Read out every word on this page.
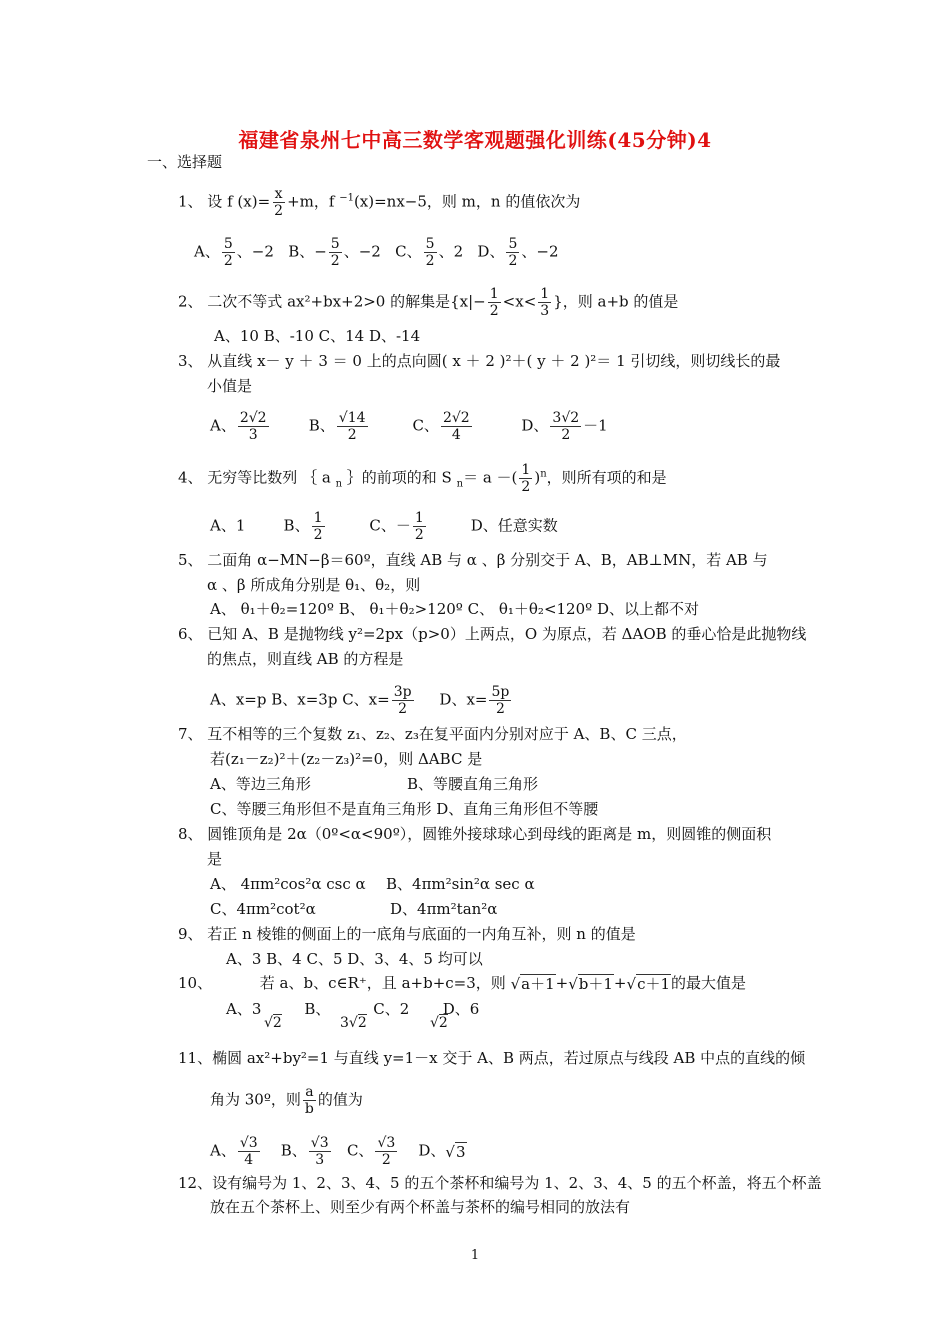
福建省泉州七中高三数学客观题强化训练(45分钟)4
一、选择题
1、 设 f $(x)= \frac{x}{2} +m$，f $^{-1}$(x)=nx−5，则 m，n 的值依次为
A、 $\frac{5}{2}$ 、−2 B、− $\frac{5}{2}$ 、−2 C、 $\frac{5}{2}$ 、2 D、 $\frac{5}{2}$ 、−2
2、 二次不等式 ax²+bx+2>0 的解集是{$x|- \frac{1}{2} <x< \frac{1}{3}$ }，则 a+b 的值是
A、10 B、-10 C、14 D、-14
3、 从直线 x－ y ＋ 3 ＝ 0 上的点向圆( x ＋ 2 )²＋( y ＋ 2 )²＝ 1 引切线，则切线长的最
小值是
A、 $\frac{2√2}{3}$	B、 $\frac{√14}{2}$	C、 $\frac{2√2}{4}$	D、 $\frac{3√2}{2} -1$
4、 无穷等比数列 ｛ a $_n$ ｝的前项的和 S $_n$＝ a －( $\frac{1}{2} )^n$，则所有项的和是
A、1	B、 $\frac{1}{2}$	C、－ $\frac{1}{2}$	D、任意实数
5、 二面角 α−MN−β＝60º，直线 AB 与 α 、β 分别交于 A、B，AB⊥MN，若 AB 与
α 、β 所成角分别是 θ₁、θ₂，则
A、 θ₁＋θ₂=120º B、 θ₁＋θ₂>120º C、 θ₁＋θ₂<120º D、以上都不对
6、 已知 A、B 是抛物线 y²=2px（p>0）上两点，O 为原点，若 ΔAOB 的垂心恰是此抛物线
的焦点，则直线 AB 的方程是
A、x=p B、x=3p C、$x= \frac{3p}{2}$ D、$x= \frac{5p}{2}$
7、 互不相等的三个复数 z₁、z₂、z₃在复平面内分别对应于 A、B、C 三点，
若(z₁－z₂)²＋(z₂－z₃)²=0，则 ΔABC 是
A、等边三角形	B、等腰直角三角形
C、等腰三角形但不是直角三角形 D、直角三角形但不等腰
8、 圆锥顶角是 2α（0º<α<90º），圆锥外接球球心到母线的距离是 m，则圆锥的侧面积
是
A、 4πm²cos²α csc α B、4πm²sin²α sec α
C、4πm²cot²α	D、4πm²tan²α
9、 若正 n 棱锥的侧面上的一底角与底面的一内角互补，则 n 的值是
A、3 B、4 C、5 D、3、4、5 均可以
10、	若 a、b、c∈R⁺，且 a+b+c=3，则 √a＋1+√b＋1+√c＋1的最大值是
A、3	B、	C、2 D、6
√2	3√2	√2
11、椭圆 ax²+by²=1 与直线 y=1－x 交于 A、B 两点，若过原点与线段 AB 中点的直线的倾
角为 30º，则 $\frac{a}{b}$ 的值为
A、 $\frac{√3}{4}$ B、 $\frac{√3}{3}$ C、 $\frac{√3}{2}$ D、√3
12、设有编号为 1、2、3、4、5 的五个茶杯和编号为 1、2、3、4、5 的五个杯盖，将五个杯盖
放在五个茶杯上、则至少有两个杯盖与茶杯的编号相同的放法有
1
